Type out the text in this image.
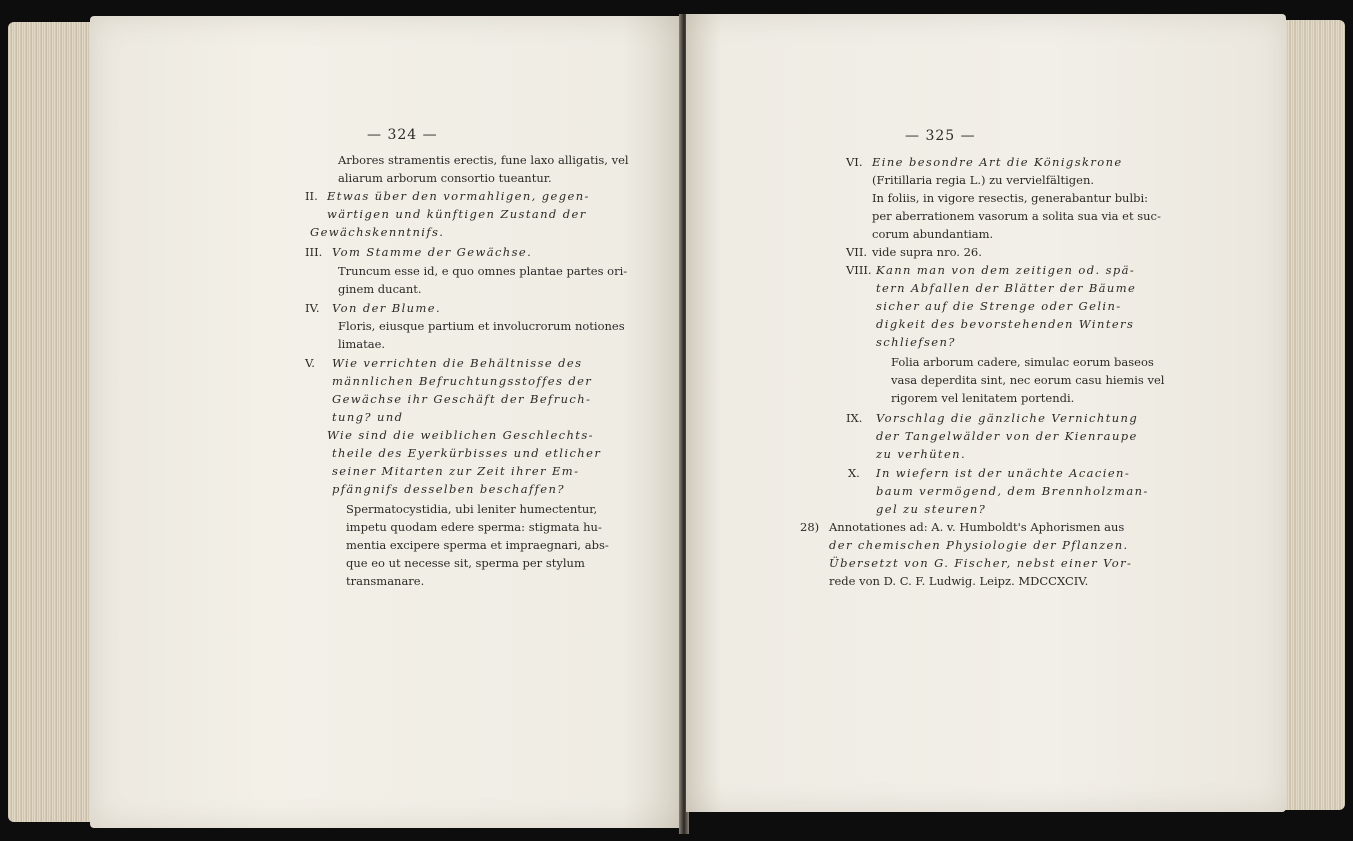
— 324 —
Arbores stramentis erectis, fune laxo alligatis, vel
aliarum arborum consortio tueantur.
II. Etwas über den vormahligen, gegen-
wärtigen und künftigen Zustand der
Gewächskenntnifs.
III. Vom Stamme der Gewächse.
Truncum esse id, e quo omnes plantae partes ori-
ginem ducant.
IV. Von der Blume.
Floris, eiusque partium et involucrorum notiones
limatae.
V. Wie verrichten die Behältnisse des
männlichen Befruchtungsstoffes der
Gewächse ihr Geschäft der Befruch-
tung? und
Wie sind die weiblichen Geschlechts-
theile des Eyerkürbisses und etlicher
seiner Mitarten zur Zeit ihrer Em-
pfängnifs desselben beschaffen?
Spermatocystidia, ubi leniter humectentur,
impetu quodam edere sperma: stigmata hu-
mentia excipere sperma et impraegnari, abs-
que eo ut necesse sit, sperma per stylum
transmanare.
— 325 —
VI. Eine besondre Art die Königskrone
(Fritillaria regia L.) zu vervielfältigen.
In foliis, in vigore resectis, generabantur bulbi:
per aberrationem vasorum a solita sua via et suc-
corum abundantiam.
VII. vide supra nro. 26.
VIII. Kann man von dem zeitigen od. spä-
tern Abfallen der Blätter der Bäume
sicher auf die Strenge oder Gelin-
digkeit des bevorstehenden Winters
schliefsen?
Folia arborum cadere, simulac eorum baseos
vasa deperdita sint, nec eorum casu hiemis vel
rigorem vel lenitatem portendi.
IX. Vorschlag die gänzliche Vernichtung
der Tangelwälder von der Kienraupe
zu verhüten.
X. In wiefern ist der unächte Acacien-
baum vermögend, dem Brennholzman-
gel zu steuren?
28) Annotationes ad: A. v. Humboldt's Aphorismen aus
der chemischen Physiologie der Pflanzen.
Übersetzt von G. Fischer, nebst einer Vor-
rede von D. C. F. Ludwig. Leipz. MDCCXCIV.
